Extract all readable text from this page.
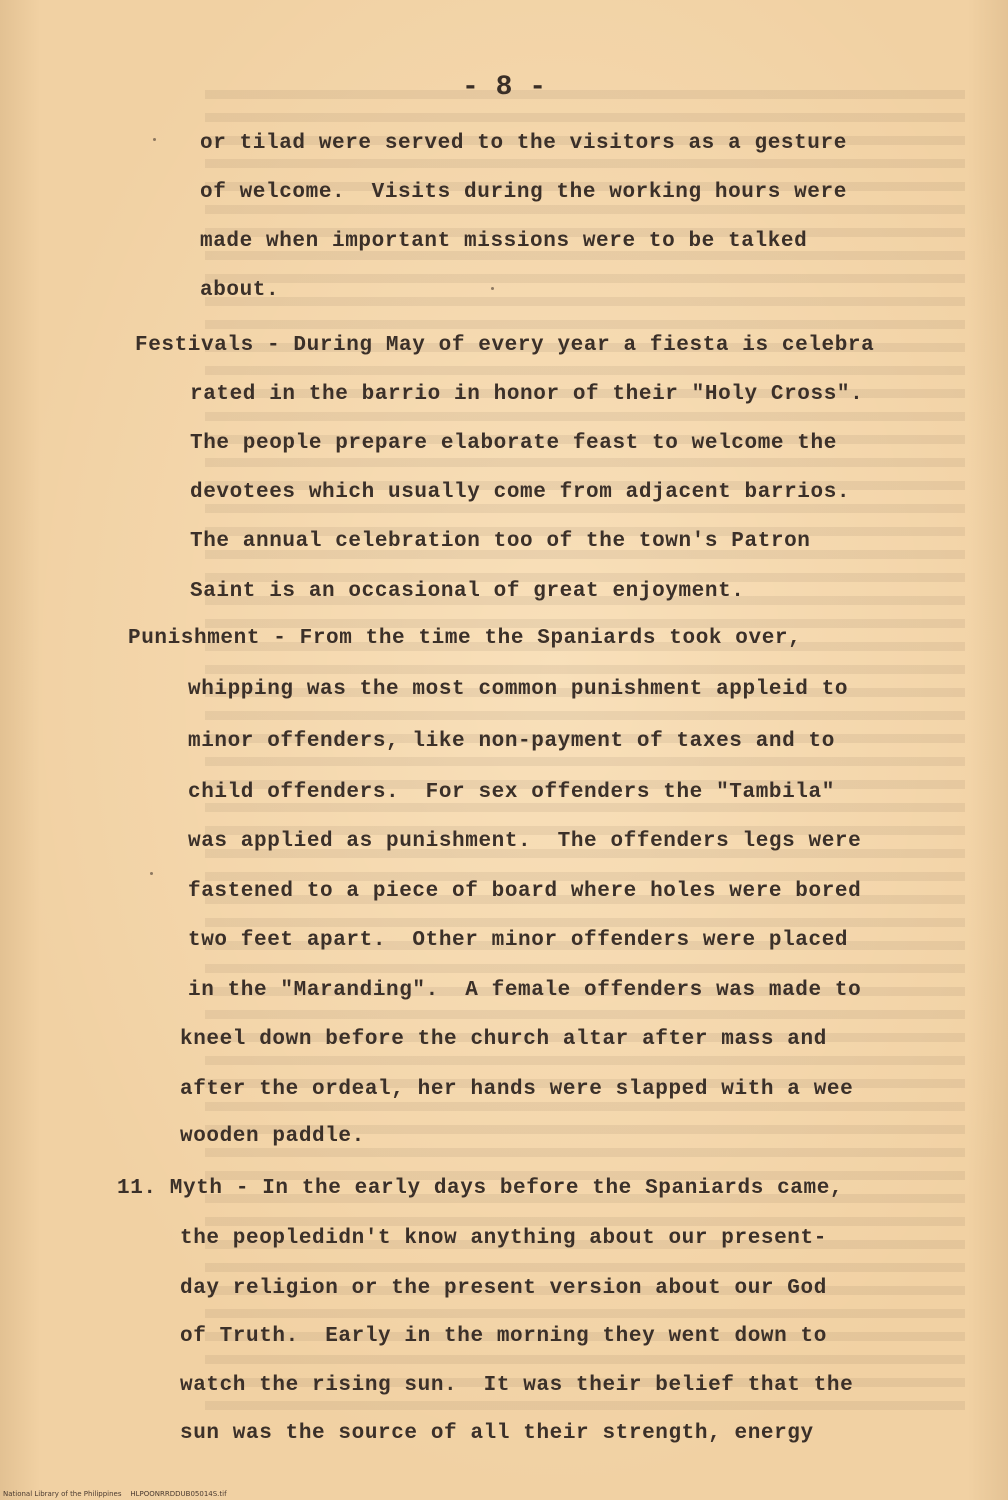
- 8 -
or tilad were served to the visitors as a gesture
of welcome.  Visits during the working hours were
made when important missions were to be talked
about.
Festivals - During May of every year a fiesta is celebra
rated in the barrio in honor of their "Holy Cross".
The people prepare elaborate feast to welcome the
devotees which usually come from adjacent barrios.
The annual celebration too of the town's Patron
Saint is an occasional of great enjoyment.
Punishment - From the time the Spaniards took over,
whipping was the most common punishment appleid to
minor offenders, like non-payment of taxes and to
child offenders.  For sex offenders the "Tambila"
was applied as punishment.  The offenders legs were
fastened to a piece of board where holes were bored
two feet apart.  Other minor offenders were placed
in the "Maranding".  A female offenders was made to
kneel down before the church altar after mass and
after the ordeal, her hands were slapped with a wee
wooden paddle.
11. Myth - In the early days before the Spaniards came,
the peopledidn't know anything about our present-
day religion or the present version about our God
of Truth.  Early in the morning they went down to
watch the rising sun.  It was their belief that the
sun was the source of all their strength, energy
National Library of the Philippines    HLPOONRRDDUB05014S.tif
